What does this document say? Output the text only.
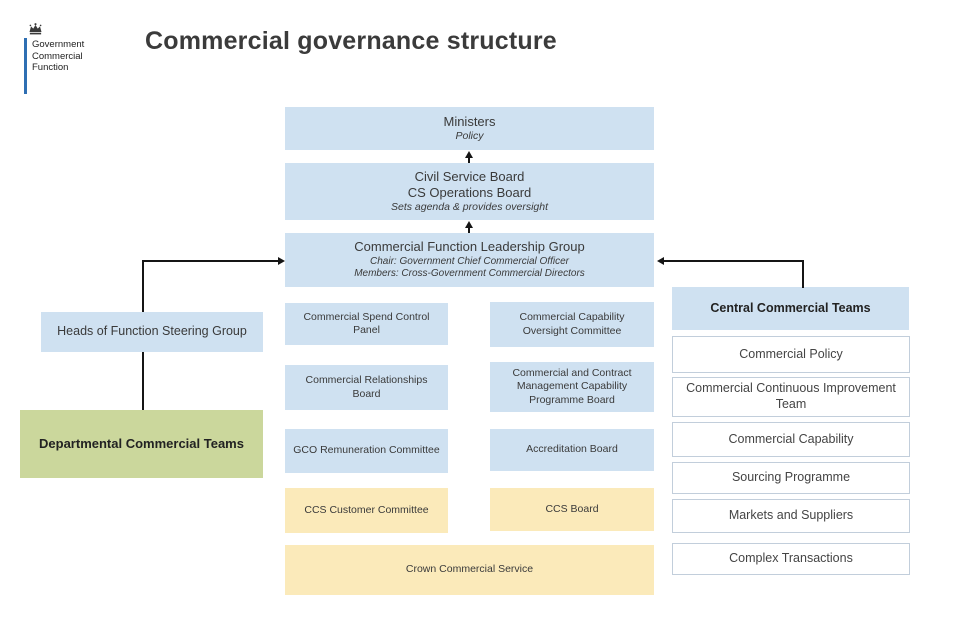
Government
Commercial
Function
Commercial governance structure
Ministers
Policy
Civil Service Board
CS Operations Board
Sets agenda & provides oversight
Commercial Function Leadership Group
Chair: Government Chief Commercial Officer
Members: Cross-Government Commercial Directors
Heads of Function Steering Group
Departmental Commercial Teams
Commercial Spend Control Panel
Commercial Capability Oversight Committee
Commercial Relationships Board
Commercial and Contract Management Capability Programme Board
GCO Remuneration Committee	Accreditation Board
CCS Customer Committee	CCS Board
Crown Commercial Service
Central Commercial Teams
Commercial Policy
Commercial Continuous Improvement Team
Commercial Capability
Sourcing Programme
Markets and Suppliers
Complex Transactions
